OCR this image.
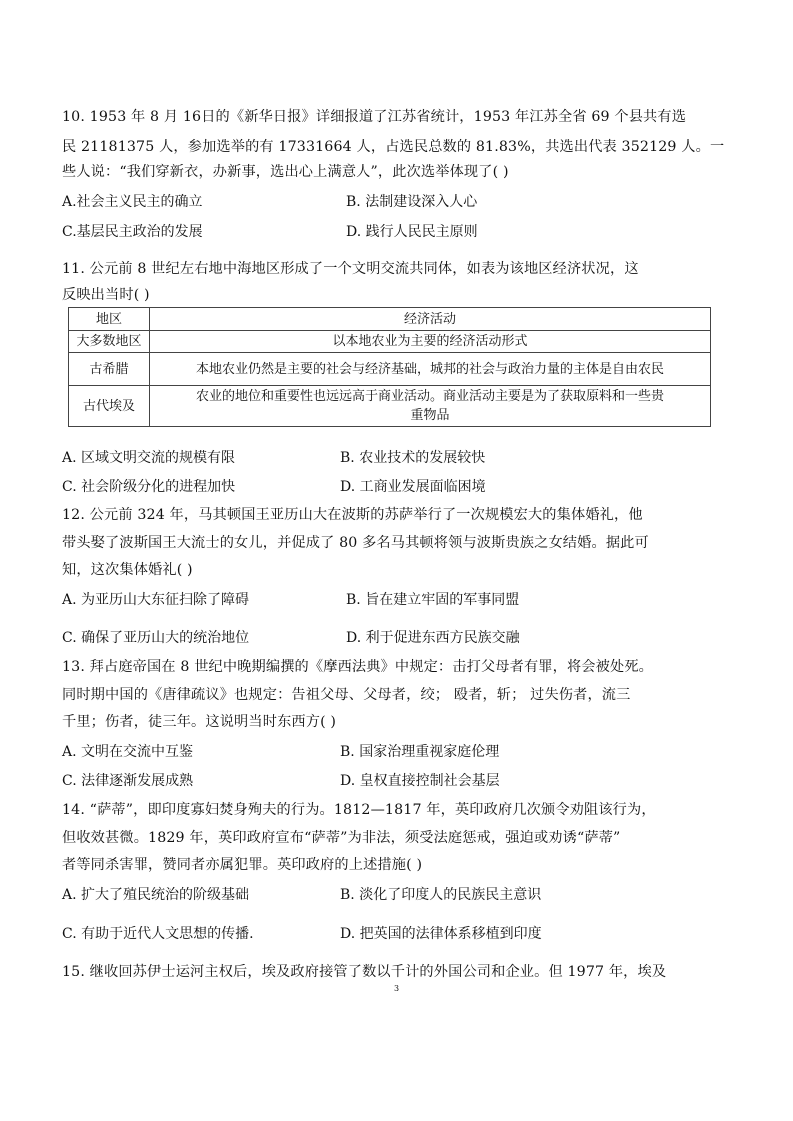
10. 1953 年 8 月 16日的《新华日报》详细报道了江苏省统计，1953 年江苏全省 69 个县共有选
民 21181375 人，参加选举的有 17331664 人，占选民总数的 81.83%，共选出代表 352129 人。一
些人说：“我们穿新衣，办新事，选出心上满意人”，此次选举体现了( )
A.社会主义民主的确立	B. 法制建设深入人心
C.基层民主政治的发展	D. 践行人民民主原则
11. 公元前 8 世纪左右地中海地区形成了一个文明交流共同体，如表为该地区经济状况，这
反映出当时( )
地区	经济活动
大多数地区	以本地农业为主要的经济活动形式
古希腊	本地农业仍然是主要的社会与经济基础，城邦的社会与政治力量的主体是自由农民
古代埃及	农业的地位和重要性也远远高于商业活动。商业活动主要是为了获取原料和一些贵
重物品
A. 区域文明交流的规模有限	B. 农业技术的发展较快
C. 社会阶级分化的进程加快	D. 工商业发展面临困境
12. 公元前 324 年，马其顿国王亚历山大在波斯的苏萨举行了一次规模宏大的集体婚礼，他
带头娶了波斯国王大流士的女儿，并促成了 80 多名马其顿将领与波斯贵族之女结婚。据此可
知，这次集体婚礼( )
A. 为亚历山大东征扫除了障碍	B. 旨在建立牢固的军事同盟
C. 确保了亚历山大的统治地位	D. 利于促进东西方民族交融
13. 拜占庭帝国在 8 世纪中晚期编撰的《摩西法典》中规定：击打父母者有罪，将会被处死。
同时期中国的《唐律疏议》也规定：告祖父母、父母者，绞； 殴者，斩； 过失伤者，流三
千里；伤者，徒三年。这说明当时东西方( )
A. 文明在交流中互鉴	B. 国家治理重视家庭伦理
C. 法律逐渐发展成熟	D. 皇权直接控制社会基层
14. “萨蒂”，即印度寡妇焚身殉夫的行为。1812—1817 年，英印政府几次颁令劝阻该行为，
但收效甚微。1829 年，英印政府宣布“萨蒂”为非法，须受法庭惩戒，强迫或劝诱“萨蒂”
者等同杀害罪，赞同者亦属犯罪。英印政府的上述措施( )
A. 扩大了殖民统治的阶级基础	B. 淡化了印度人的民族民主意识
C. 有助于近代人文思想的传播.	D. 把英国的法律体系移植到印度
15. 继收回苏伊士运河主权后，埃及政府接管了数以千计的外国公司和企业。但 1977 年，埃及
3
